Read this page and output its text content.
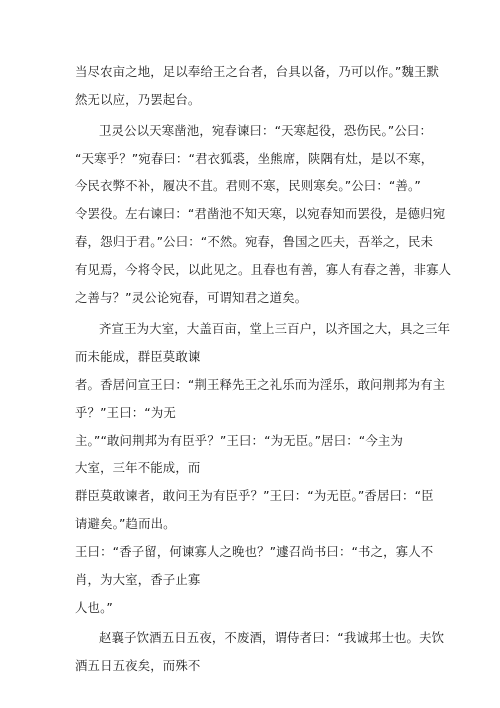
当尽农亩之地，足以奉给王之台者，台具以备，乃可以作。”魏王默
然无以应，乃罢起台。
卫灵公以天寒凿池，宛春谏曰：“天寒起役，恐伤民。”公曰：
“天寒乎？”宛春曰：“君衣狐裘，坐熊席，陕隅有灶，是以不寒，
今民衣弊不补，履决不苴。君则不寒，民则寒矣。”公曰：“善。”
令罢役。左右谏曰：“君凿池不知天寒，以宛春知而罢役，是德归宛
春，怨归于君。”公曰：“不然。宛春，鲁国之匹夫，吾举之，民未
有见焉，今将令民，以此见之。且春也有善，寡人有春之善，非寡人
之善与？”灵公论宛春，可谓知君之道矣。
齐宣王为大室，大盖百亩，堂上三百户，以齐国之大，具之三年
而未能成，群臣莫敢谏
者。香居问宣王曰：“荆王释先王之礼乐而为淫乐，敢问荆邦为有主
乎？”王曰：“为无
主。”“敢问荆邦为有臣乎？”王曰：“为无臣。”居曰：“今主为
大室，三年不能成，而
群臣莫敢谏者，敢问王为有臣乎？”王曰：“为无臣。”香居曰：“臣
请避矣。”趋而出。
王曰：“香子留，何谏寡人之晚也？”遽召尚书曰：“书之，寡人不
肖，为大室，香子止寡
人也。”
赵襄子饮酒五日五夜，不废酒，谓侍者曰：“我诚邦士也。夫饮
酒五日五夜矣，而殊不
